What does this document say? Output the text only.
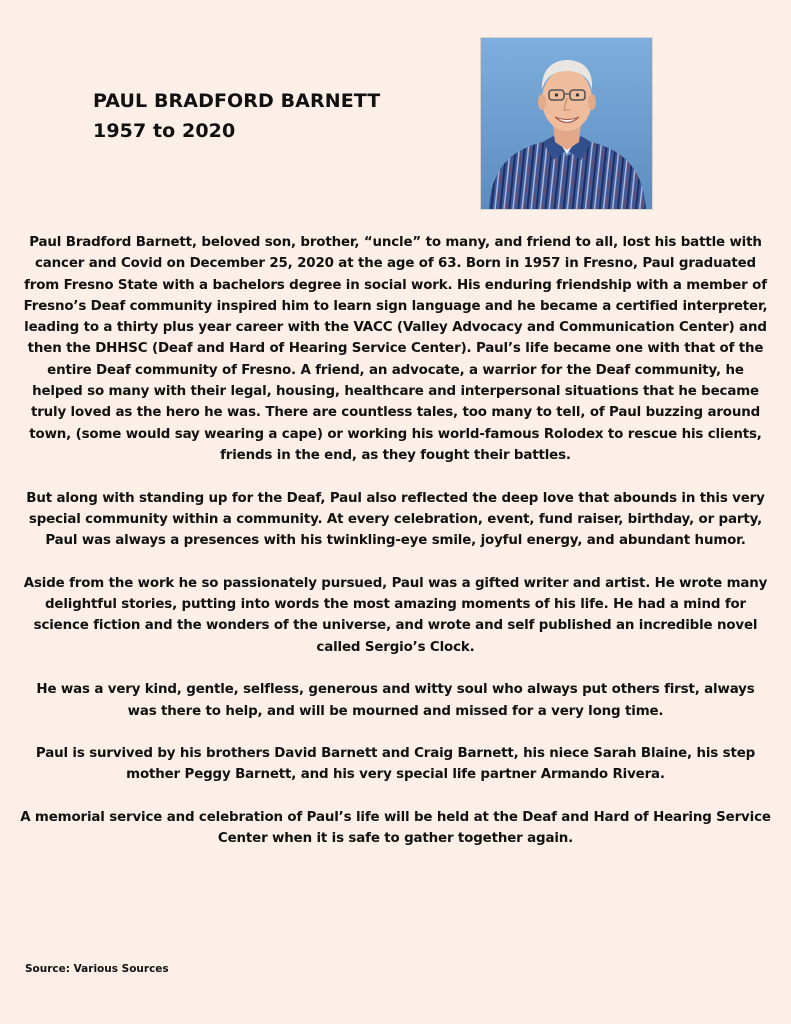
PAUL BRADFORD BARNETT
1957 to 2020

Paul Bradford Barnett, beloved son, brother, “uncle” to many, and friend to all, lost his battle with cancer and Covid on December 25, 2020 at the age of 63. Born in 1957 in Fresno, Paul graduated from Fresno State with a bachelors degree in social work. His enduring friendship with a member of Fresno’s Deaf community inspired him to learn sign language and he became a certified interpreter, leading to a thirty plus year career with the VACC (Valley Advocacy and Communication Center) and then the DHHSC (Deaf and Hard of Hearing Service Center). Paul’s life became one with that of the entire Deaf community of Fresno. A friend, an advocate, a warrior for the Deaf community, he helped so many with their legal, housing, healthcare and interpersonal situations that he became truly loved as the hero he was. There are countless tales, too many to tell, of Paul buzzing around town, (some would say wearing a cape) or working his world-famous Rolodex to rescue his clients, friends in the end, as they fought their battles.

But along with standing up for the Deaf, Paul also reflected the deep love that abounds in this very special community within a community. At every celebration, event, fund raiser, birthday, or party, Paul was always a presences with his twinkling-eye smile, joyful energy, and abundant humor.

Aside from the work he so passionately pursued, Paul was a gifted writer and artist. He wrote many delightful stories, putting into words the most amazing moments of his life. He had a mind for science fiction and the wonders of the universe, and wrote and self published an incredible novel called Sergio’s Clock.

He was a very kind, gentle, selfless, generous and witty soul who always put others first, always was there to help, and will be mourned and missed for a very long time.

Paul is survived by his brothers David Barnett and Craig Barnett, his niece Sarah Blaine, his step mother Peggy Barnett, and his very special life partner Armando Rivera.

A memorial service and celebration of Paul’s life will be held at the Deaf and Hard of Hearing Service Center when it is safe to gather together again.

Source: Various Sources
